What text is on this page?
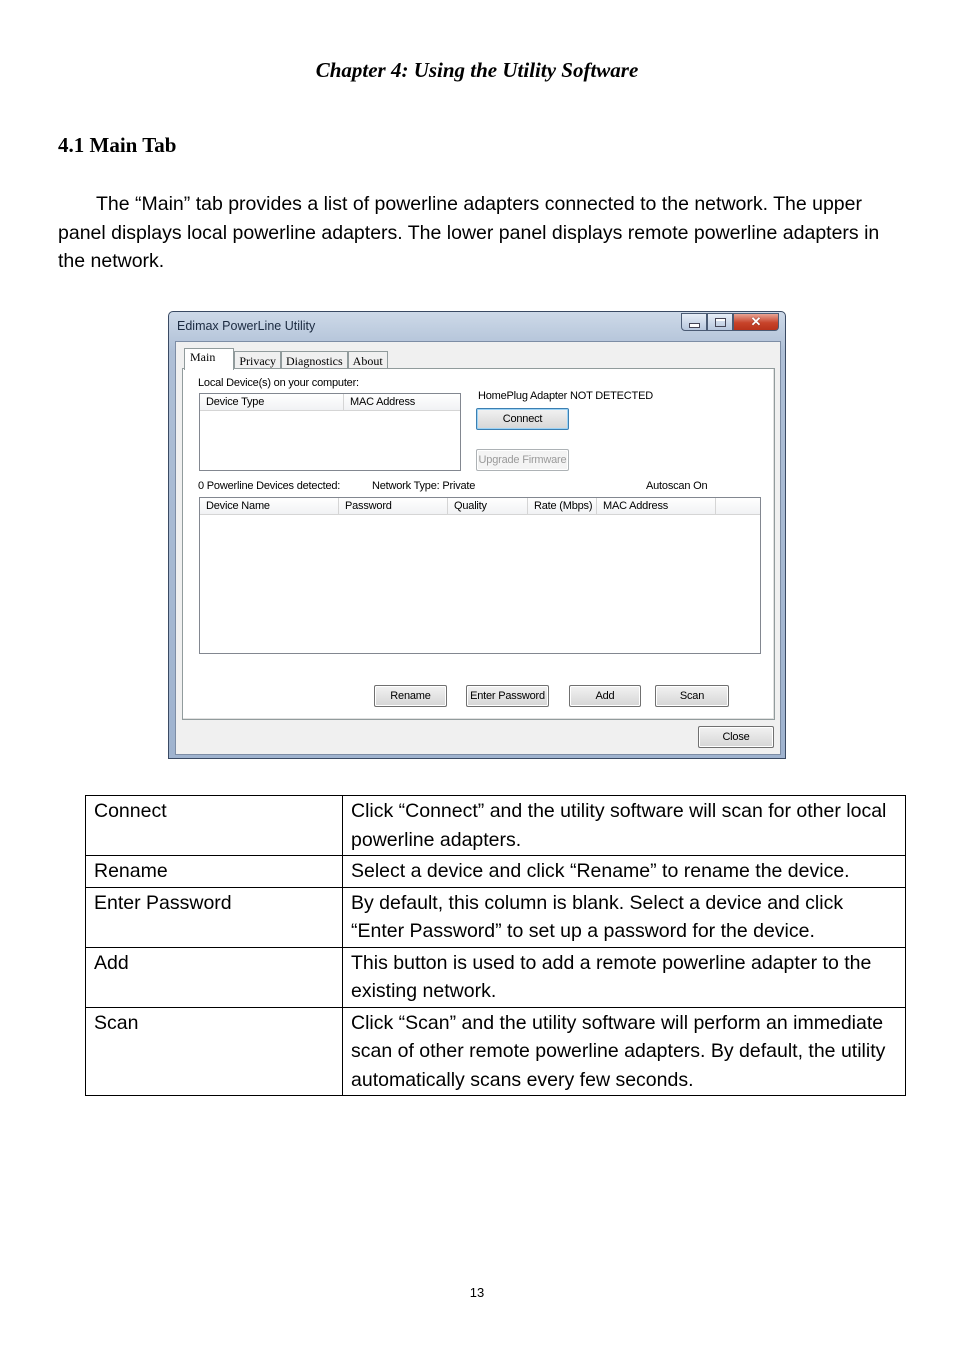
Chapter 4: Using the Utility Software
4.1 Main Tab

The “Main” tab provides a list of powerline adapters connected to the network. The upper panel displays local powerline adapters. The lower panel displays remote powerline adapters in the network.

Edimax PowerLine Utility	✕
Main	Privacy Diagnostics About
Local Device(s) on your computer:
Device Type	MAC Address	HomePlug Adapter NOT DETECTED
Connect
Upgrade Firmware
0 Powerline Devices detected:	Network Type: Private	Autoscan On
Device Name	Password	Quality	Rate (Mbps) MAC Address
Rename	Enter Password	Add	Scan
Close
Connect	Click “Connect” and the utility software will scan for other local powerline adapters.
Rename	Select a device and click “Rename” to rename the device.
Enter Password	By default, this column is blank. Select a device and click “Enter Password” to set up a password for the device.
Add	This button is used to add a remote powerline adapter to the existing network.
Scan	Click “Scan” and the utility software will perform an immediate scan of other remote powerline adapters. By default, the utility automatically scans every few seconds.
13
